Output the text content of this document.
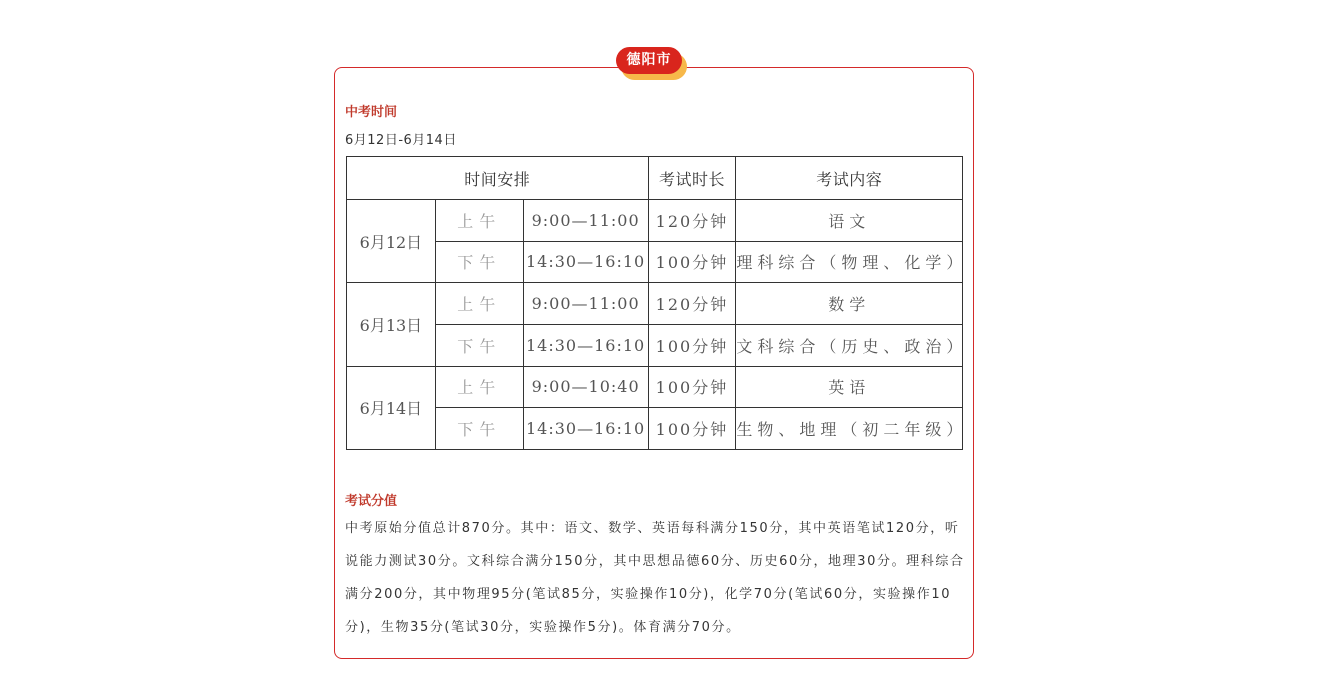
德阳市
中考时间
6月12日-6月14日
时间安排			考试时长	考试内容
6月12日	上午	9:00—11:00	120分钟	语文
	下午	14:30—16:10	100分钟	理科综合（物理、化学）
6月13日	上午	9:00—11:00	120分钟	数学
	下午	14:30—16:10	100分钟	文科综合（历史、政治）
6月14日	上午	9:00—10:40	100分钟	英语
	下午	14:30—16:10	100分钟	生物、地理（初二年级）
考试分值
中考原始分值总计870分。其中：语文、数学、英语每科满分150分，其中英语笔试120分，听说能力测试30分。文科综合满分150分，其中思想品德60分、历史60分，地理30分。理科综合满分200分，其中物理95分(笔试85分，实验操作10分)，化学70分(笔试60分，实验操作10分)，生物35分(笔试30分，实验操作5分)。体育满分70分。
